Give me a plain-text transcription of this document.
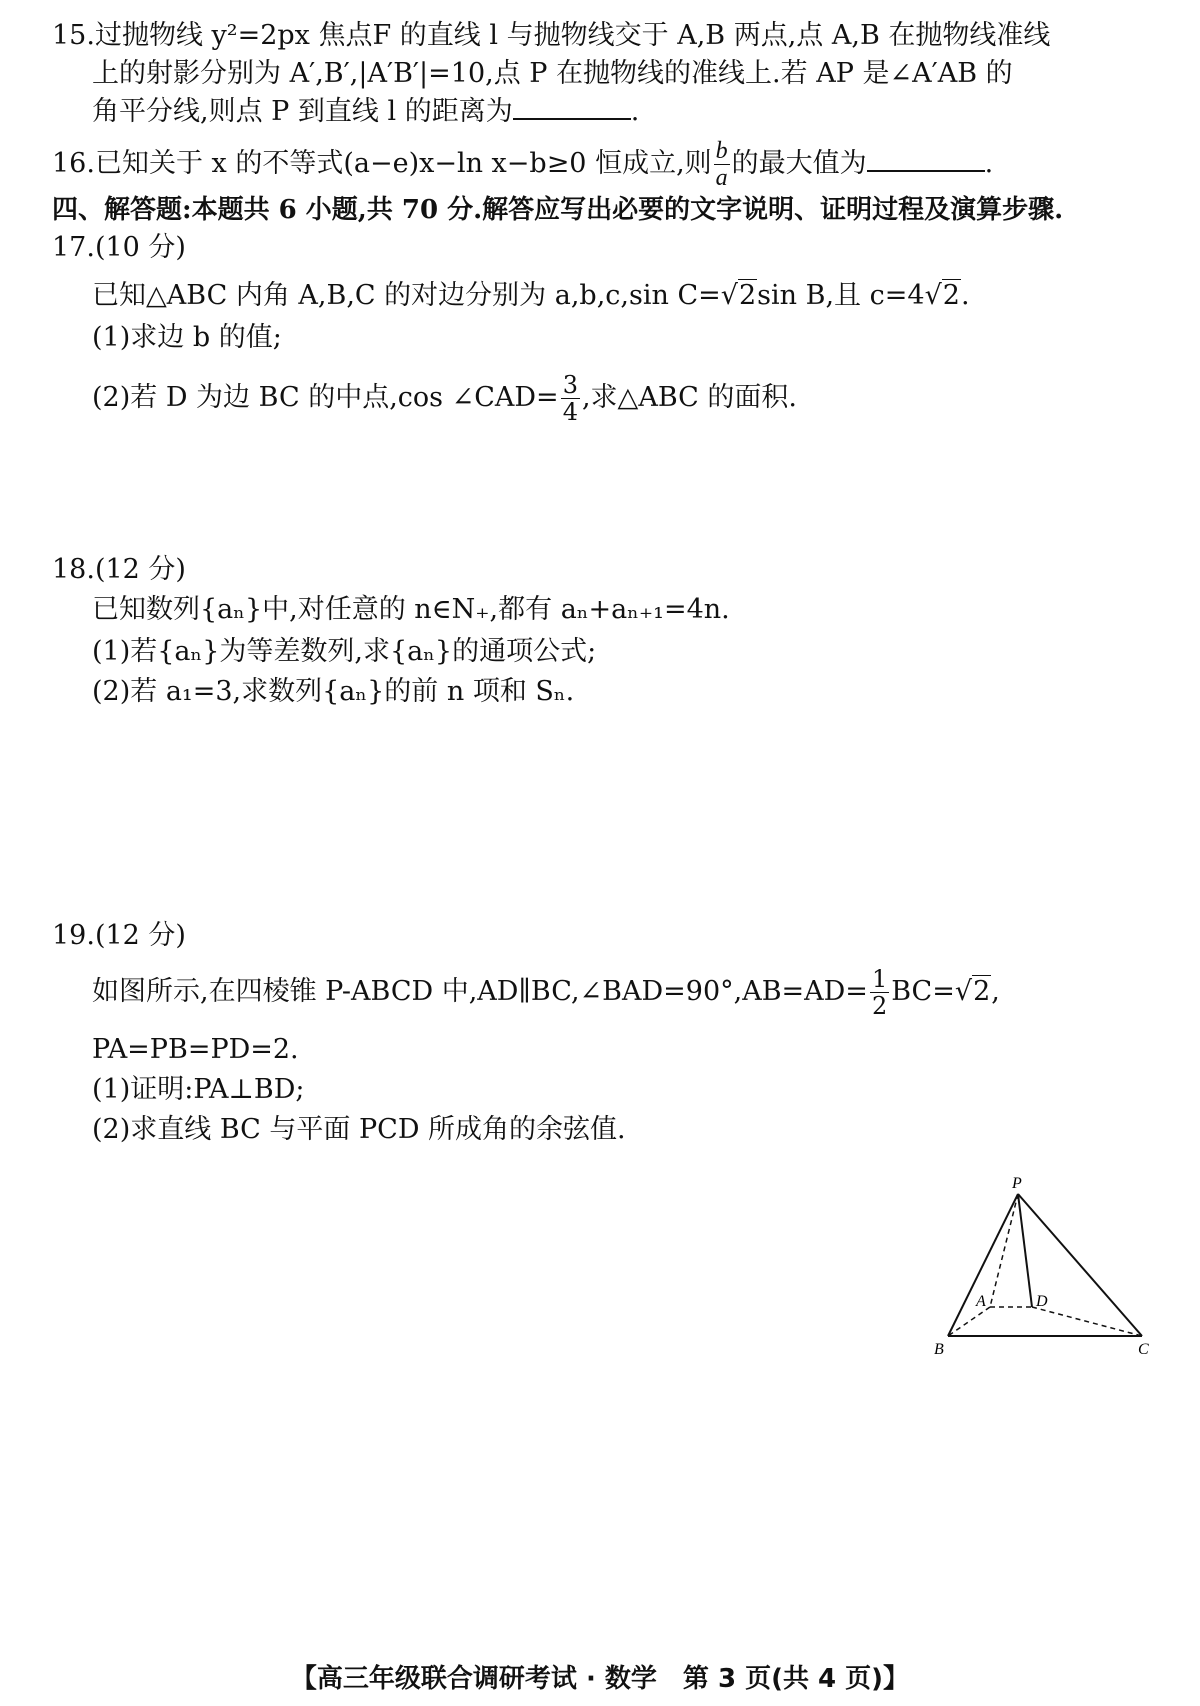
15.过抛物线 y²=2px 焦点F 的直线 l 与抛物线交于 A,B 两点,点 A,B 在抛物线准线
上的射影分别为 A′,B′,|A′B′|=10,点 P 在抛物线的准线上.若 AP 是∠A′AB 的
角平分线,则点 P 到直线 l 的距离为	.
16.已知关于 x 的不等式(a−e)x−ln x−b≥0 恒成立,则 $\frac{b}{a}$ 的最大值为	.
四、解答题:本题共 6 小题,共 70 分.解答应写出必要的文字说明、证明过程及演算步骤.
17.(10 分)
已知△ABC 内角 A,B,C 的对边分别为 a,b,c,sin C=√2sin B,且 c=4√2.
(1)求边 b 的值;
(2)若 D 为边 BC 的中点,cos ∠CAD= $\frac{3}{4}$ ,求△ABC 的面积.
18.(12 分)
已知数列{aₙ}中,对任意的 n∈N₊,都有 aₙ+aₙ₊₁=4n.
(1)若{aₙ}为等差数列,求{aₙ}的通项公式;
(2)若 a₁=3,求数列{aₙ}的前 n 项和 Sₙ.
19.(12 分)
如图所示,在四棱锥 P-ABCD 中,AD∥BC,∠BAD=90°,AB=AD= $\frac{1}{2} BC=√2$,
PA=PB=PD=2.
(1)证明:PA⊥BD;
(2)求直线 BC 与平面 PCD 所成角的余弦值.
P
A	D
B	C
【高三年级联合调研考试 · 数学　第 3 页(共 4 页)】
